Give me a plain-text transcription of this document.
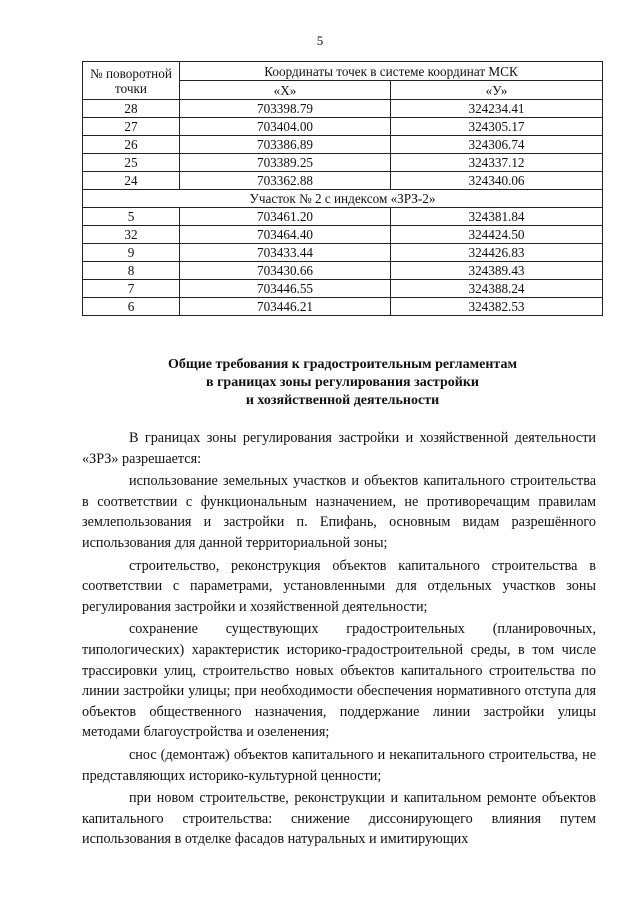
5
№ поворотной точки	Координаты точек в системе координат МСК	
	«X»	«У»
28	703398.79	324234.41
27	703404.00	324305.17
26	703386.89	324306.74
25	703389.25	324337.12
24	703362.88	324340.06
Участок № 2 с индексом «ЗРЗ-2»		
5	703461.20	324381.84
32	703464.40	324424.50
9	703433.44	324426.83
8	703430.66	324389.43
7	703446.55	324388.24
6	703446.21	324382.53
Общие требования к градостроительным регламентам
в границах зоны регулирования застройки
и хозяйственной деятельности

В границах зоны регулирования застройки и хозяйственной деятельности «ЗРЗ» разрешается:

использование земельных участков и объектов капитального строительства в соответствии с функциональным назначением, не противоречащим правилам землепользования и застройки п. Епифань, основным видам разрешённого использования для данной территориальной зоны;

строительство, реконструкция объектов капитального строительства в соответствии с параметрами, установленными для отдельных участков зоны регулирования застройки и хозяйственной деятельности;

сохранение существующих градостроительных (планировочных, типологических) характеристик историко-градостроительной среды, в том числе трассировки улиц, строительство новых объектов капитального строительства по линии застройки улицы; при необходимости обеспечения нормативного отступа для объектов общественного назначения, поддержание линии застройки улицы методами благоустройства и озеленения;

снос (демонтаж) объектов капитального и некапитального строительства, не представляющих историко-культурной ценности;

при новом строительстве, реконструкции и капитальном ремонте объектов капитального строительства: снижение диссонирующего влияния путем использования в отделке фасадов натуральных и имитирующих
